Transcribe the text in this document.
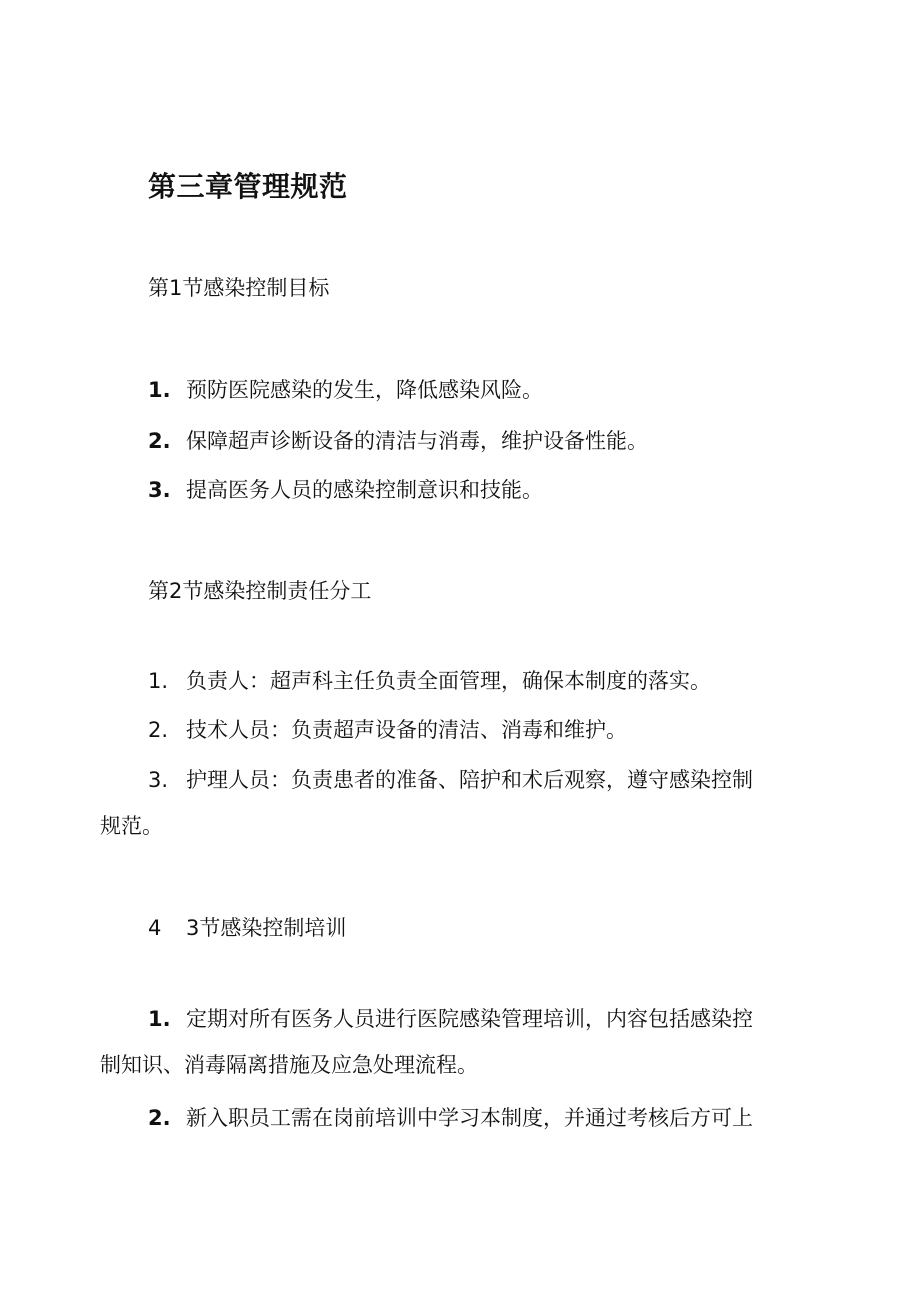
第三章管理规范
第1节感染控制目标
1. 预防医院感染的发生，降低感染风险。
2. 保障超声诊断设备的清洁与消毒，维护设备性能。
3. 提高医务人员的感染控制意识和技能。
第2节感染控制责任分工
1. 负责人：超声科主任负责全面管理，确保本制度的落实。
2. 技术人员：负责超声设备的清洁、消毒和维护。
3. 护理人员：负责患者的准备、陪护和术后观察，遵守感染控制
规范。
4 3节感染控制培训
1. 定期对所有医务人员进行医院感染管理培训，内容包括感染控
制知识、消毒隔离措施及应急处理流程。
2. 新入职员工需在岗前培训中学习本制度，并通过考核后方可上
